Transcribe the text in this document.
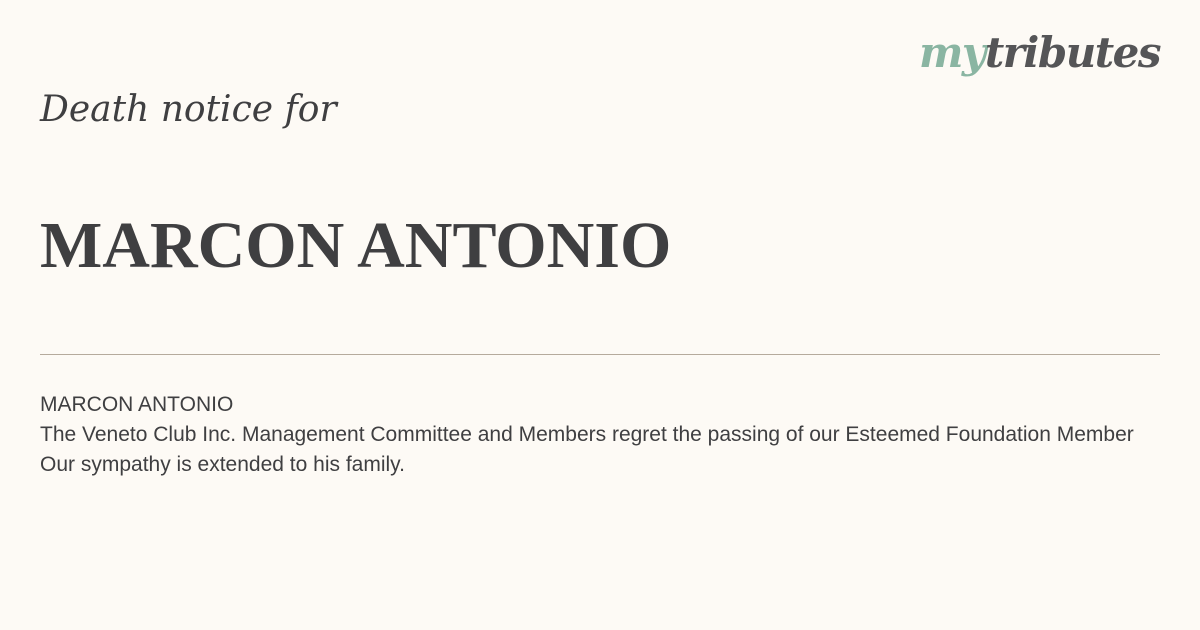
mytributes
Death notice for
MARCON ANTONIO
MARCON ANTONIO
The Veneto Club Inc. Management Committee and Members regret the passing of our Esteemed Foundation Member
Our sympathy is extended to his family.
